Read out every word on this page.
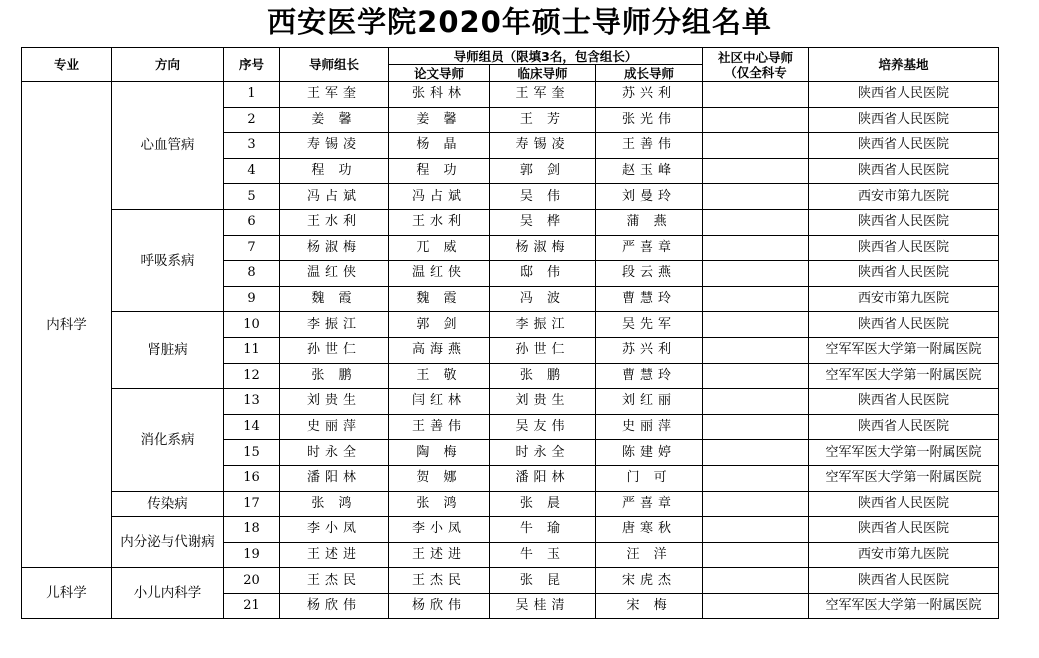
西安医学院2020年硕士导师分组名单
专业	方向	序号	导师组长	导师组员（限填3名，包含组长）			社区中心导师
（仅全科专	培养基地
				论文导师	临床导师	成长导师		
内科学	心血管病	1	王军奎	张科林	王军奎	苏兴利		陕西省人民医院
		2	姜 馨	姜 馨	王 芳	张光伟		陕西省人民医院
		3	寿锡凌	杨 晶	寿锡凌	王善伟		陕西省人民医院
		4	程 功	程 功	郭 剑	赵玉峰		陕西省人民医院
		5	冯占斌	冯占斌	吴 伟	刘曼玲		西安市第九医院
	呼吸系病	6	王水利	王水利	吴 桦	蒲 燕		陕西省人民医院
		7	杨淑梅	兀 威	杨淑梅	严喜章		陕西省人民医院
		8	温红侠	温红侠	邸 伟	段云燕		陕西省人民医院
		9	魏 霞	魏 霞	冯 波	曹慧玲		西安市第九医院
	肾脏病	10	李振江	郭 剑	李振江	吴先军		陕西省人民医院
		11	孙世仁	高海燕	孙世仁	苏兴利		空军军医大学第一附属医院
		12	张 鹏	王 敬	张 鹏	曹慧玲		空军军医大学第一附属医院
	消化系病	13	刘贵生	闫红林	刘贵生	刘红丽		陕西省人民医院
		14	史丽萍	王善伟	吴友伟	史丽萍		陕西省人民医院
		15	时永全	陶 梅	时永全	陈建婷		空军军医大学第一附属医院
		16	潘阳林	贺 娜	潘阳林	门 可		空军军医大学第一附属医院
	传染病	17	张 鸿	张 鸿	张 晨	严喜章		陕西省人民医院
	内分泌与代谢病	18	李小凤	李小凤	牛 瑜	唐寒秋		陕西省人民医院
		19	王述进	王述进	牛 玉	汪 洋		西安市第九医院
儿科学	小儿内科学	20	王杰民	王杰民	张 昆	宋虎杰		陕西省人民医院
		21	杨欣伟	杨欣伟	吴桂清	宋 梅		空军军医大学第一附属医院
